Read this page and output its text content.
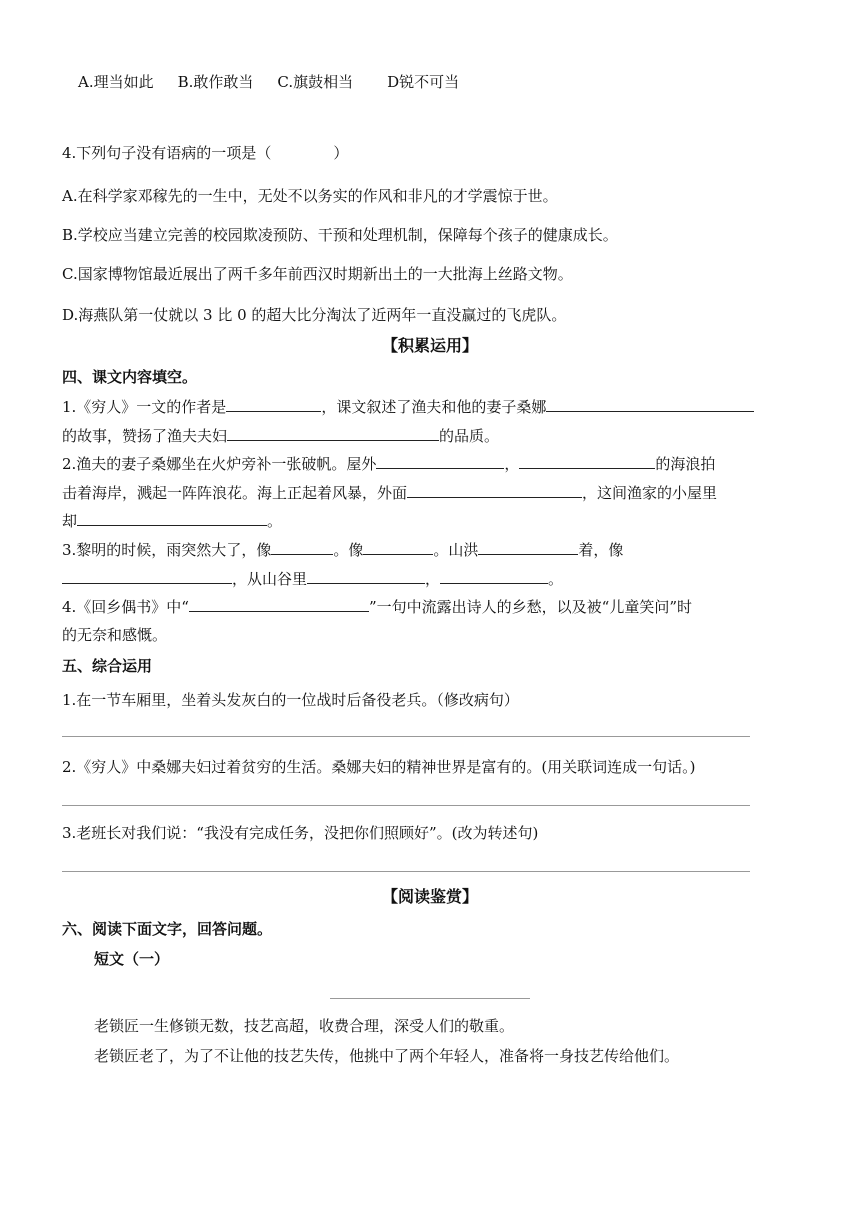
A.理当如此 B.敢作敢当 C.旗鼓相当 D锐不可当
4.下列句子没有语病的一项是（	）
A.在科学家邓稼先的一生中，无处不以务实的作风和非凡的才学震惊于世。
B.学校应当建立完善的校园欺凌预防、干预和处理机制，保障每个孩子的健康成长。
C.国家博物馆最近展出了两千多年前西汉时期新出土的一大批海上丝路文物。
D.海燕队第一仗就以 3 比 0 的超大比分淘汰了近两年一直没赢过的飞虎队。
【积累运用】
四、课文内容填空。
1.《穷人》一文的作者是	，课文叙述了渔夫和他的妻子桑娜
的故事，赞扬了渔夫夫妇	的品质。
2.渔夫的妻子桑娜坐在火炉旁补一张破帆。屋外	，	的海浪拍
击着海岸，溅起一阵阵浪花。海上正起着风暴，外面	，这间渔家的小屋里
却	。
3.黎明的时候，雨突然大了，像	。像	。山洪	着，像
，从山谷里	，	。
4.《回乡偶书》中“	”一句中流露出诗人的乡愁，以及被“儿童笑问”时
的无奈和感慨。
五、综合运用
1.在一节车厢里，坐着头发灰白的一位战时后备役老兵。（修改病句）
2.《穷人》中桑娜夫妇过着贫穷的生活。桑娜夫妇的精神世界是富有的。(用关联词连成一句话。)
3.老班长对我们说：“我没有完成任务，没把你们照顾好”。(改为转述句)
【阅读鉴赏】
六、阅读下面文字，回答问题。
短文（一）
老锁匠一生修锁无数，技艺高超，收费合理，深受人们的敬重。
老锁匠老了，为了不让他的技艺失传，他挑中了两个年轻人，准备将一身技艺传给他们。
